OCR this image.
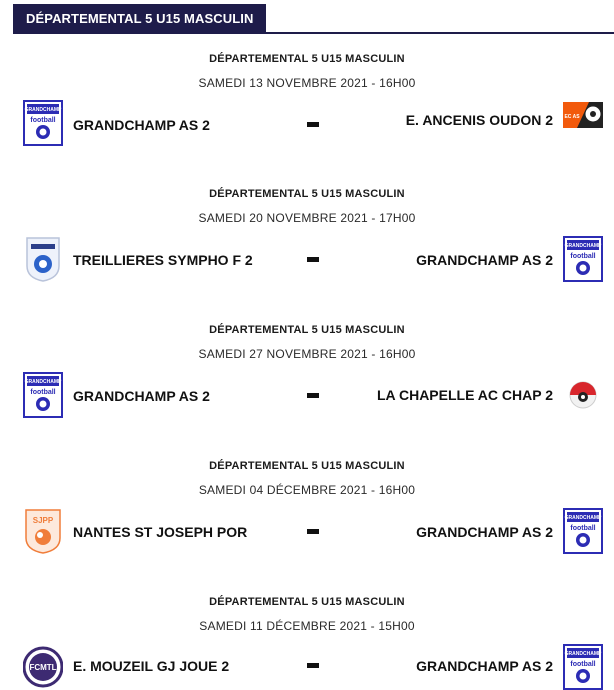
DÉPARTEMENTAL 5 U15 MASCULIN
DÉPARTEMENTAL 5 U15 MASCULIN
SAMEDI 13 NOVEMBRE 2021 - 16H00
GRANDCHAMP
football GRANDCHAMP AS 2	E. ANCENIS OUDON 2 EC AS
DÉPARTEMENTAL 5 U15 MASCULIN
SAMEDI 20 NOVEMBRE 2021 - 17H00
TREILLIERES SYMPHO F 2	GRANDCHAMP AS 2
GRANDCHAMP
football
DÉPARTEMENTAL 5 U15 MASCULIN
SAMEDI 27 NOVEMBRE 2021 - 16H00
GRANDCHAMP
football GRANDCHAMP AS 2	LA CHAPELLE AC CHAP 2
DÉPARTEMENTAL 5 U15 MASCULIN
SAMEDI 04 DÉCEMBRE 2021 - 16H00
SJPP
NANTES ST JOSEPH POR	GRANDCHAMP AS 2
GRANDCHAMP
football
DÉPARTEMENTAL 5 U15 MASCULIN
SAMEDI 11 DÉCEMBRE 2021 - 15H00
FCMTL E. MOUZEIL GJ JOUE 2	GRANDCHAMP AS 2
GRANDCHAMP
football
